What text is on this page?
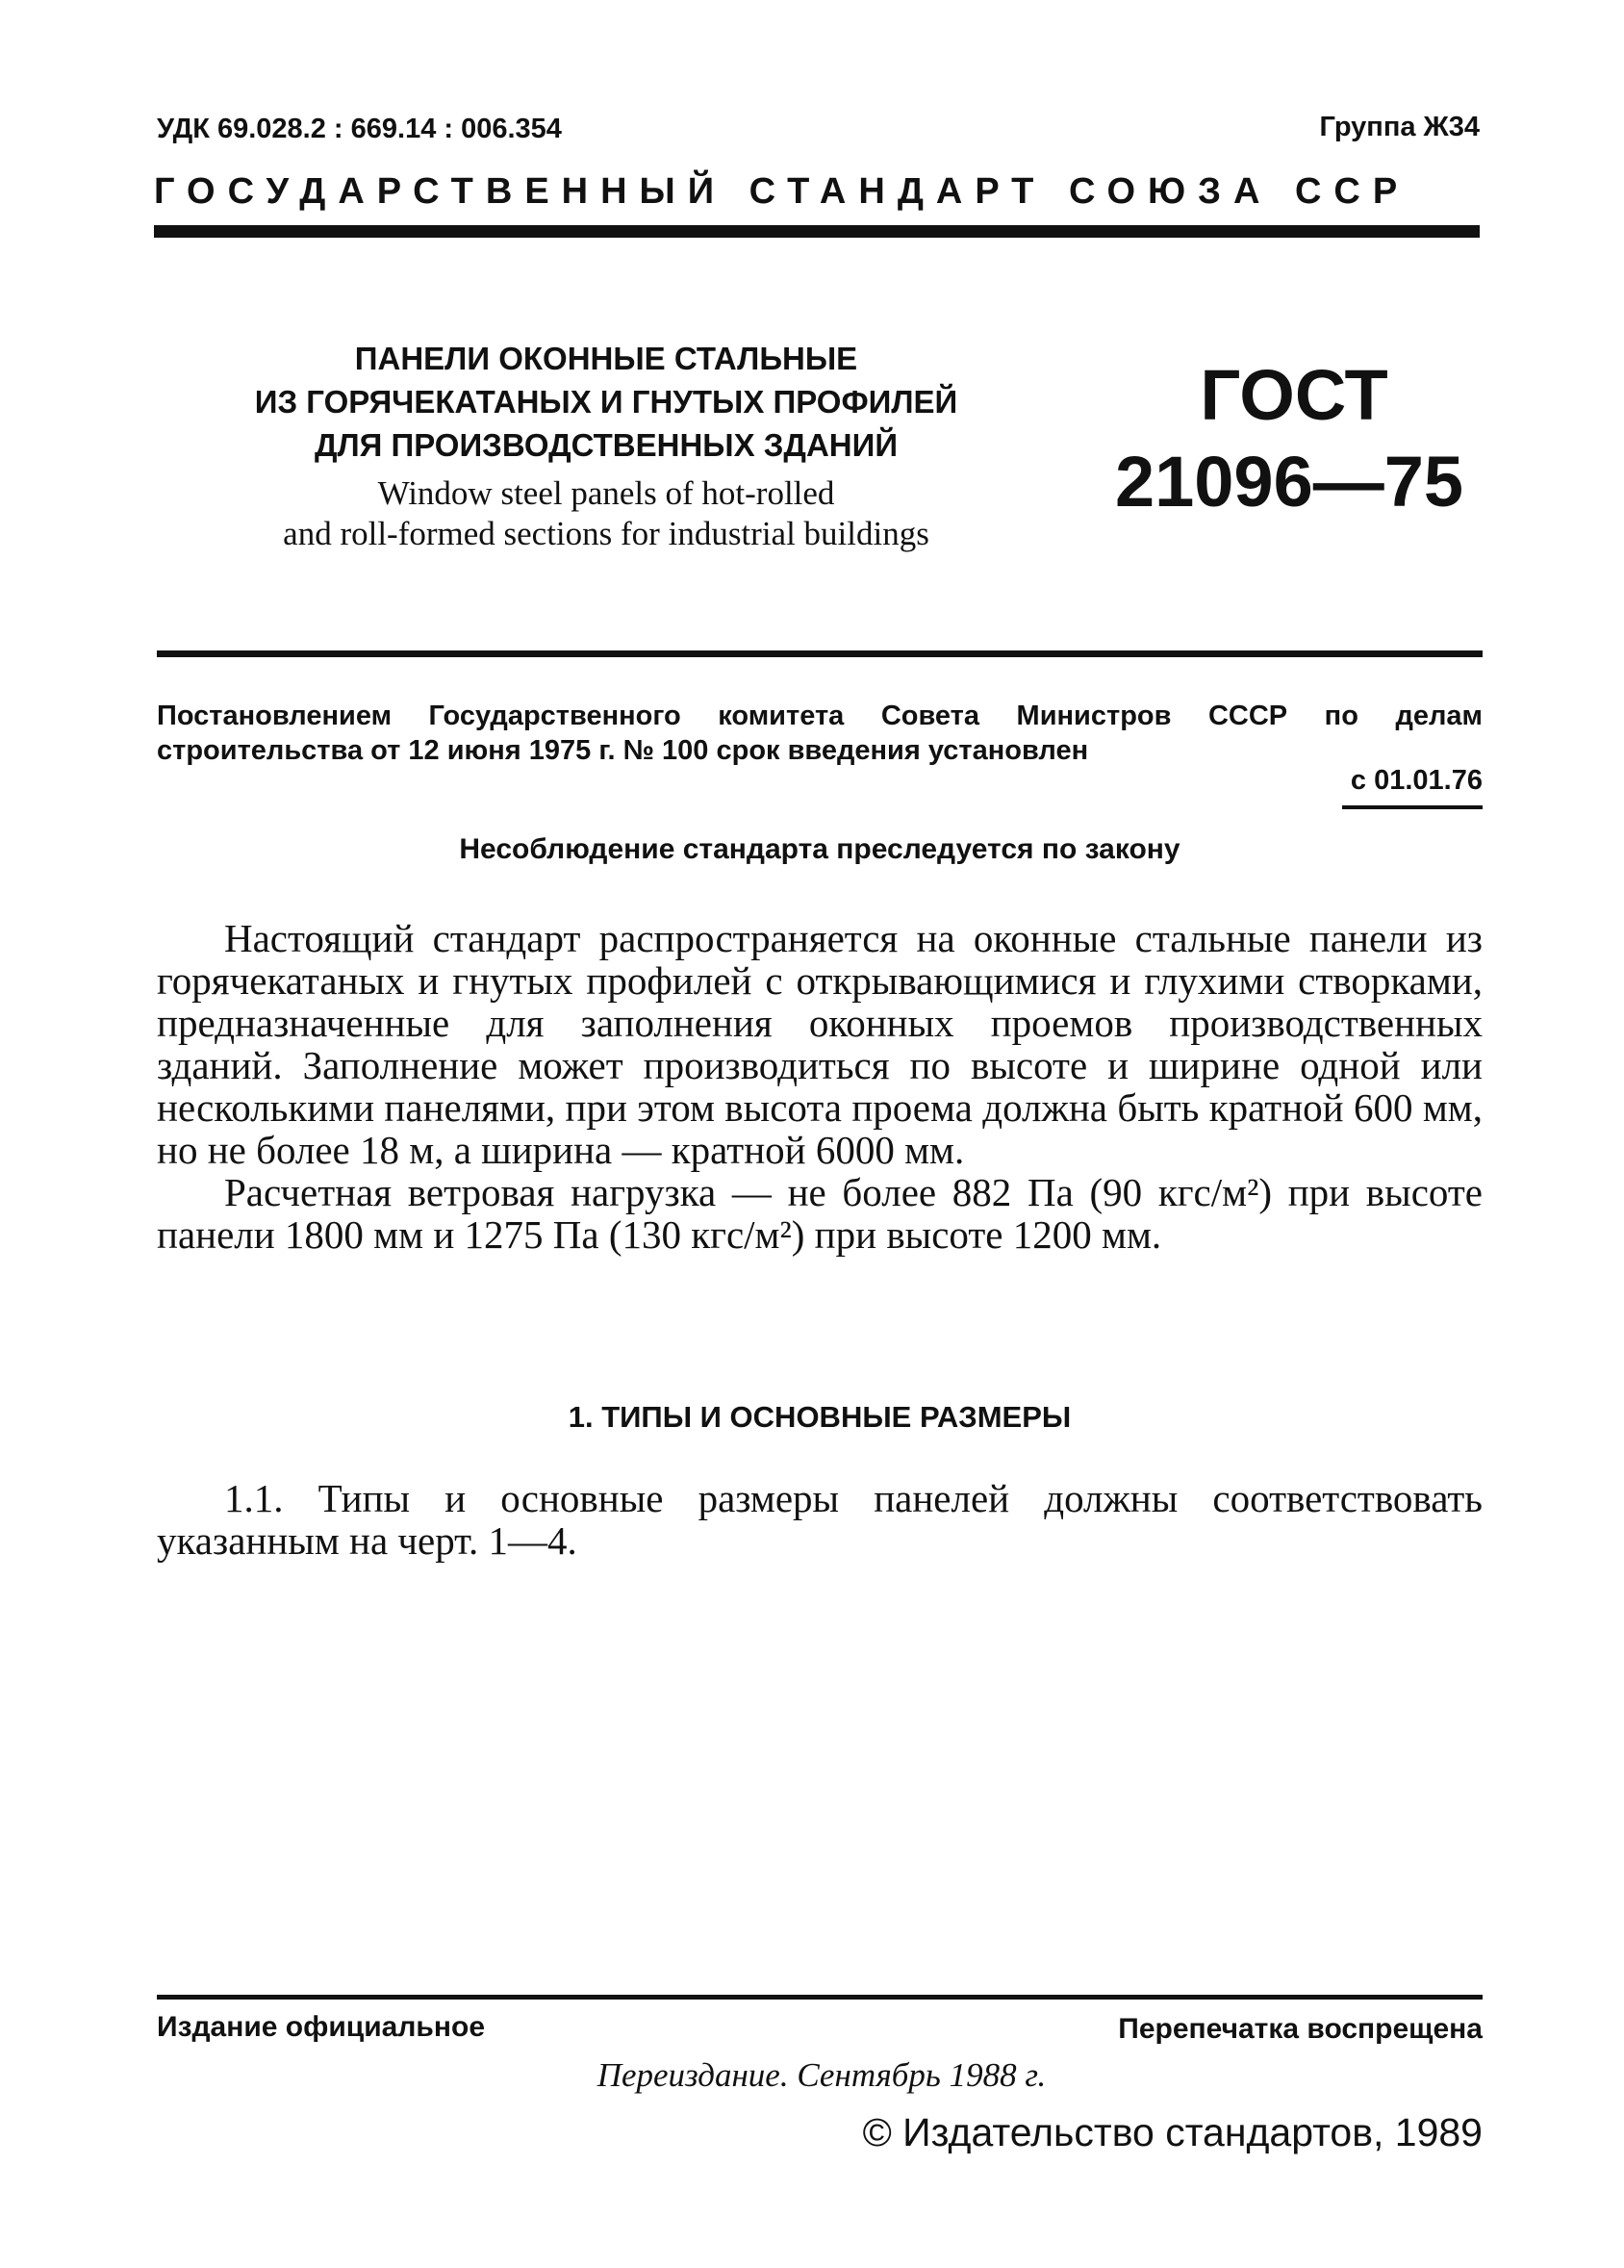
УДК 69.028.2 : 669.14 : 006.354	Группа Ж34
ГОСУДАРСТВЕННЫЙ СТАНДАРТ СОЮЗА ССР
ПАНЕЛИ ОКОННЫЕ СТАЛЬНЫЕ
ИЗ ГОРЯЧЕКАТАНЫХ И ГНУТЫХ ПРОФИЛЕЙ
ДЛЯ ПРОИЗВОДСТВЕННЫХ ЗДАНИЙ
Window steel panels of hot-rolled
and roll-formed sections for industrial buildings
ГОСТ
21096—75
Постановлением Государственного комитета Совета Министров СССР по делам строительства от 12 июня 1975 г. № 100 срок введения установлен
с 01.01.76
Несоблюдение стандарта преследуется по закону

Настоящий стандарт распространяется на оконные стальные панели из горячекатаных и гнутых профилей с открывающимися и глухими створками, предназначенные для заполнения оконных проемов производственных зданий. Заполнение может производиться по высоте и ширине одной или несколькими панелями, при этом высота проема должна быть кратной 600 мм, но не более 18 м, а ширина — кратной 6000 мм.

Расчетная ветровая нагрузка — не более 882 Па (90 кгс/м²) при высоте панели 1800 мм и 1275 Па (130 кгс/м²) при высоте 1200 мм.

1. ТИПЫ И ОСНОВНЫЕ РАЗМЕРЫ

1.1. Типы и основные размеры панелей должны соответствовать указанным на черт. 1—4.

Издание официальное	Перепечатка воспрещена
Переиздание. Сентябрь 1988 г.
© Издательство стандартов, 1989
